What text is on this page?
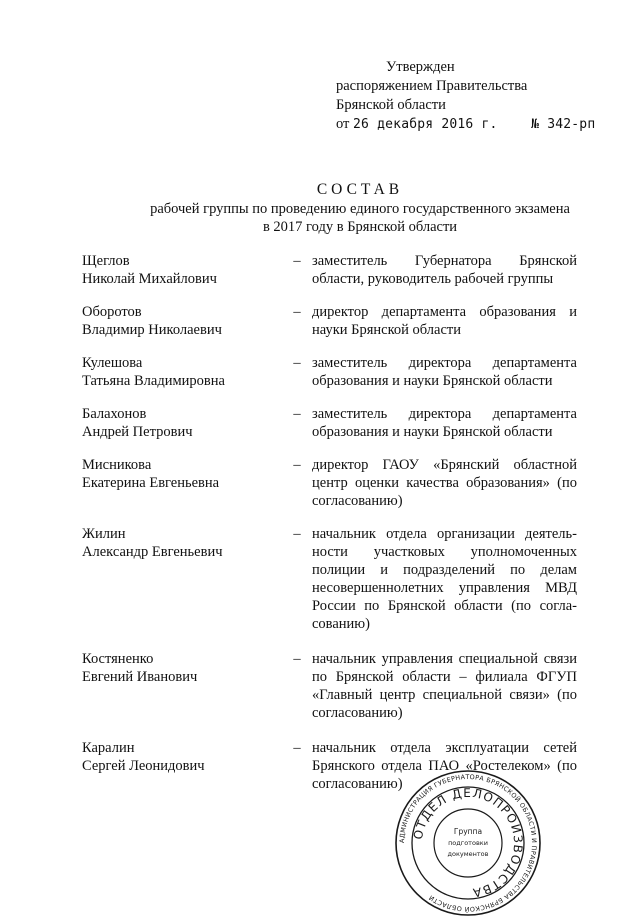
Утвержден
распоряжением Правительства
Брянской области
от 26 декабря 2016 г.	№ 342-рп
СОСТАВ
рабочей группы по проведению единого государственного экзамена
в 2017 году в Брянской области
Щеглов
Николай Михайлович
– заместитель Губернатора Брянской области, руководитель рабочей группы
Оборотов
Владимир Николаевич
– директор департамента образования и науки Брянской области
Кулешова
Татьяна Владимировна
– заместитель директора департамента образования и науки Брянской области
Балахонов
Андрей Петрович
– заместитель директора департамента образования и науки Брянской области
Мисникова
Екатерина Евгеньевна
– директор ГАОУ «Брянский областной центр оценки качества образования» (по согласованию)
Жилин
Александр Евгеньевич
– начальник отдела организации деятельности участковых уполномоченных полиции и подразделений по делам несовершеннолетних управления МВД России по Брянской области (по согласованию)
Костяненко
Евгений Иванович
– начальник управления специальной связи по Брянской области – филиала ФГУП «Главный центр специальной связи» (по согласованию)
Каралин
Сергей Леонидович
– начальник отдела эксплуатации сетей Брянского отдела ПАО «Ростелеком» (по согласованию)
АДМИНИСТРАЦИЯ ГУБЕРНАТОРА БРЯНСКОЙ ОБЛАСТИ И ПРАВИТЕЛЬСТВА БРЯНСКОЙ ОБЛАСТИ
ОТДЕЛ ДЕЛОПРОИЗВОДСТВА
Группа
подготовки
документов
